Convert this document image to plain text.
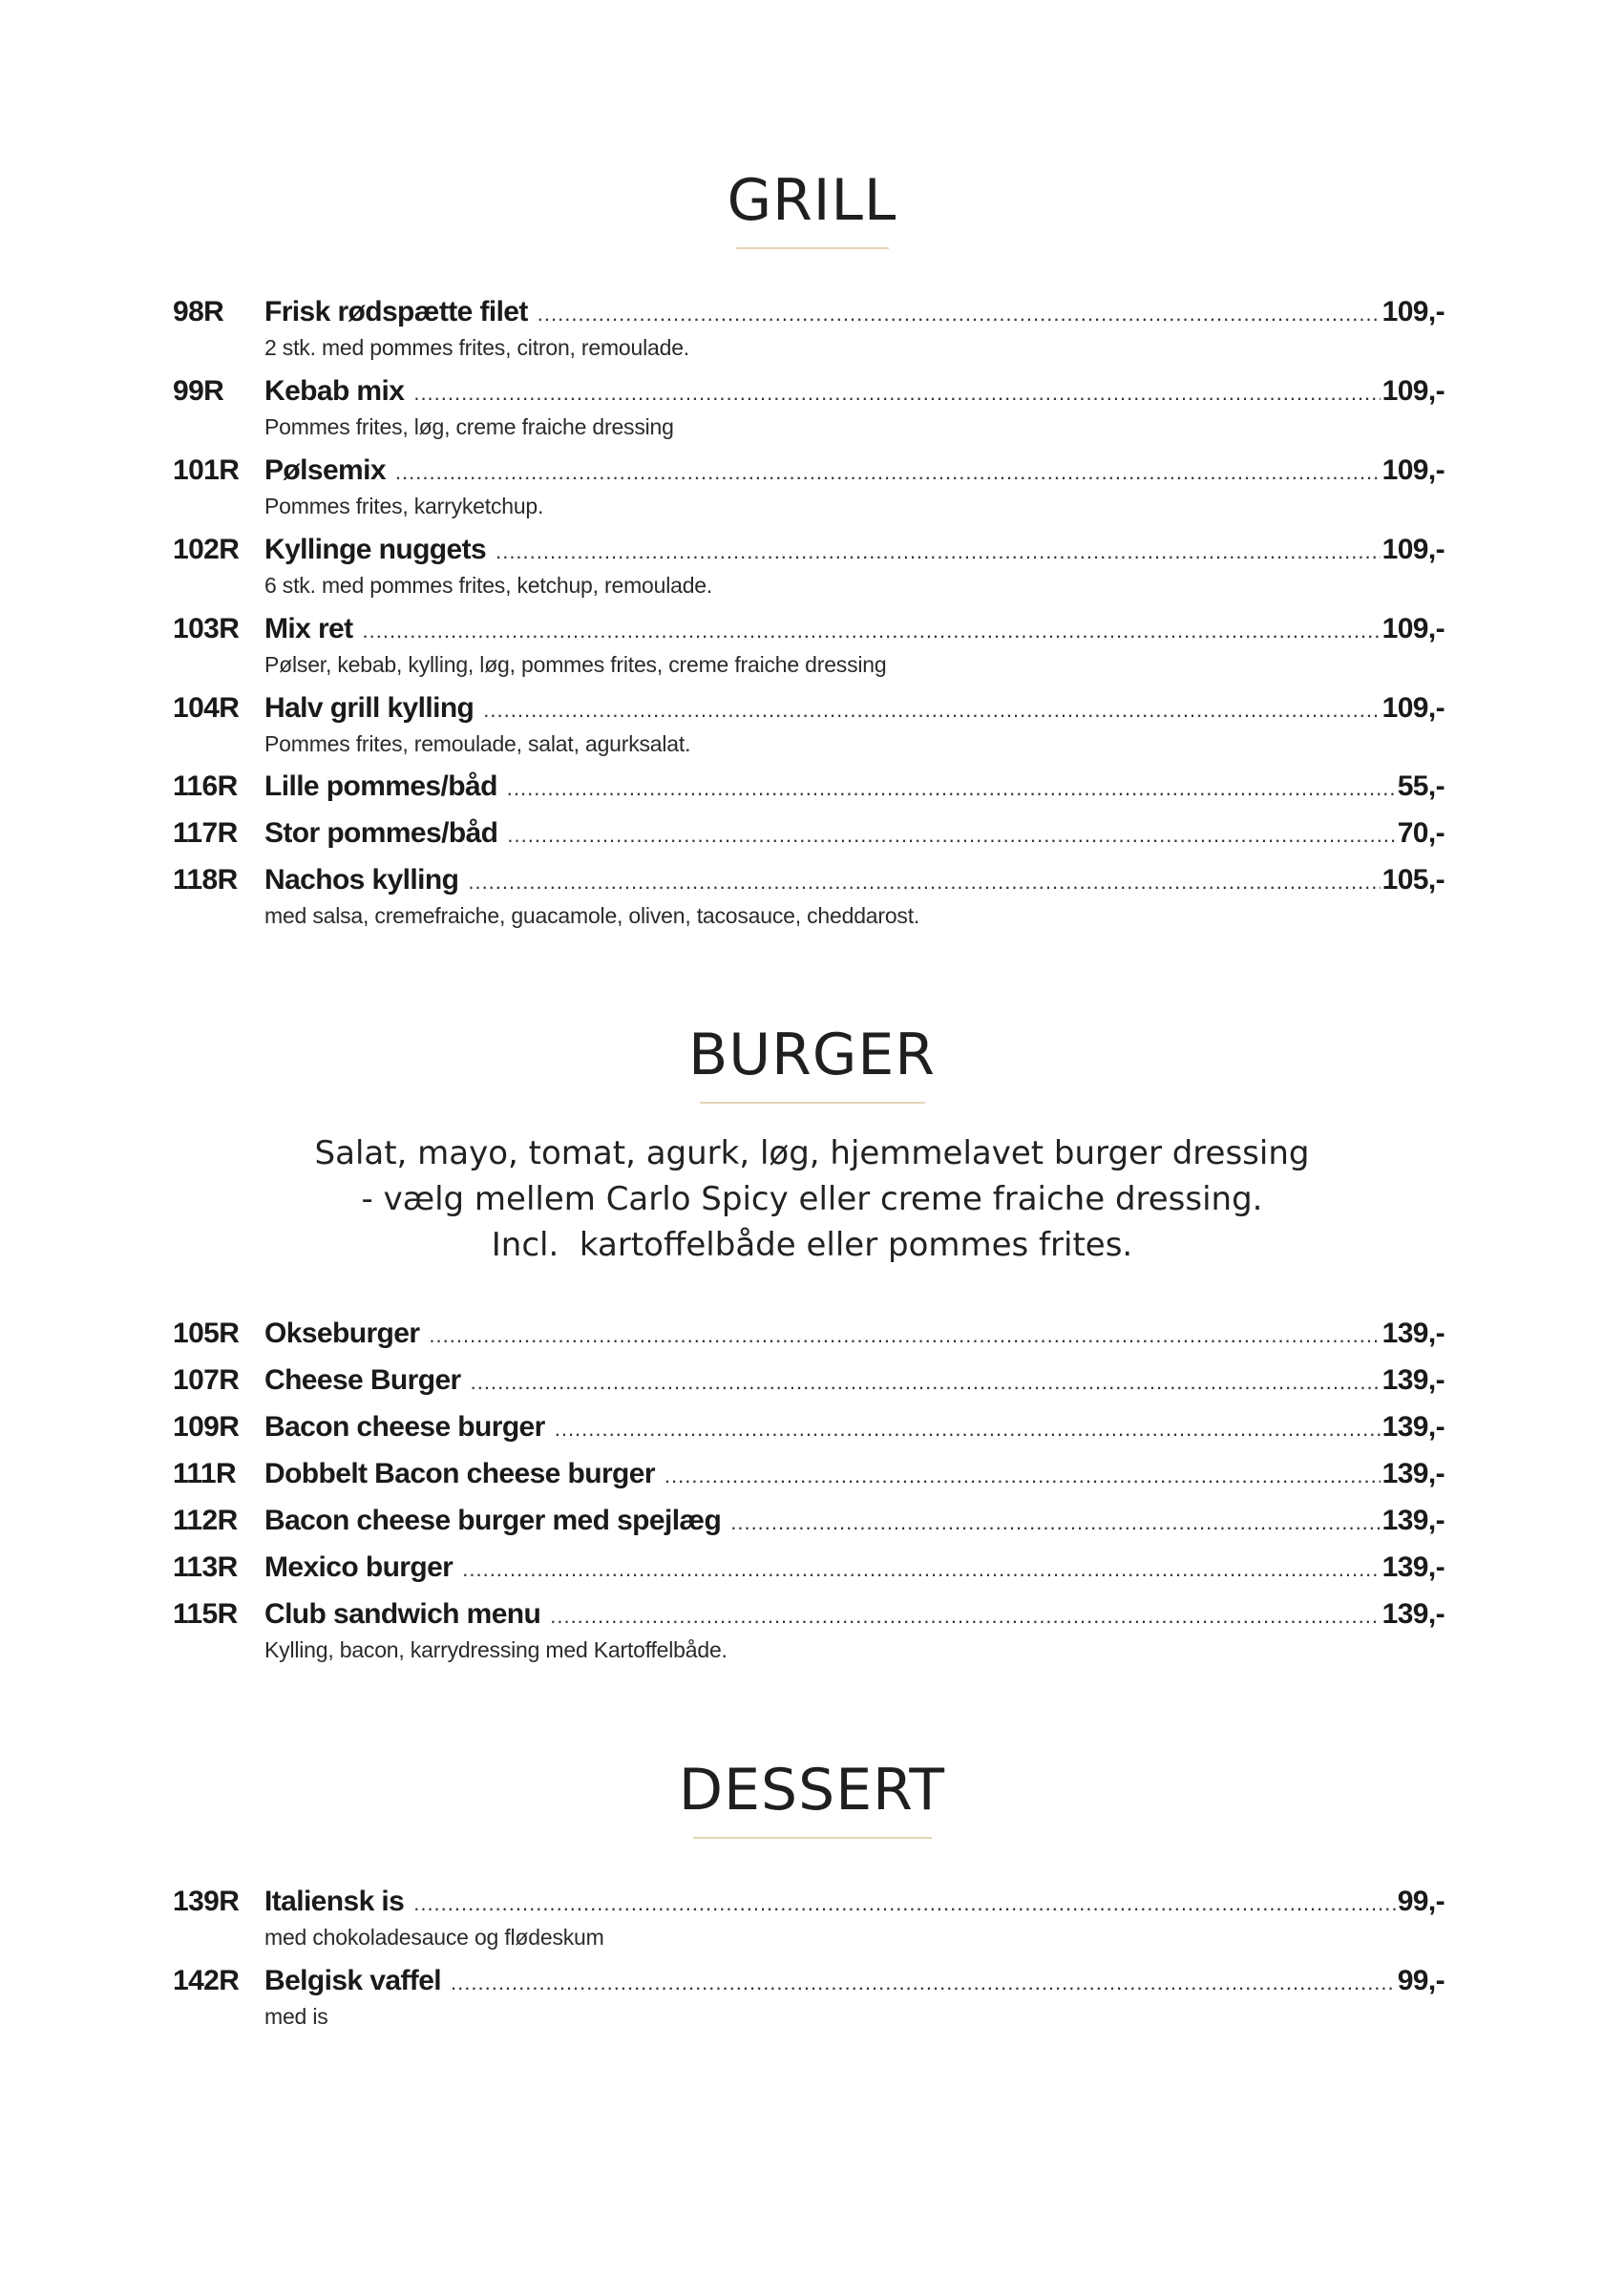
GRILL
98R	Frisk rødspætte filet .....	109,-
2 stk. med pommes frites, citron, remoulade.
99R	Kebab mix .....	109,-
Pommes frites, løg, creme fraiche dressing
101R Pølsemix .....	109,-
Pommes frites, karryketchup.
102R Kyllinge nuggets .....	109,-
6 stk. med pommes frites, ketchup, remoulade.
103R Mix ret .....	109,-
Pølser, kebab, kylling, løg, pommes frites, creme fraiche dressing
104R Halv grill kylling .....	109,-
Pommes frites, remoulade, salat, agurksalat.
116R Lille pommes/båd .....	55,-
117R Stor pommes/båd .....	70,-
118R Nachos kylling .....	105,-
med salsa, cremefraiche, guacamole, oliven, tacosauce, cheddarost.
BURGER
Salat, mayo, tomat, agurk, løg, hjemmelavet burger dressing
- vælg mellem Carlo Spicy eller creme fraiche dressing.
Incl.  kartoffelbåde eller pommes frites.
105R Okseburger .....	139,-
107R Cheese Burger .....	139,-
109R Bacon cheese burger .....	139,-
111R Dobbelt Bacon cheese burger .....	139,-
112R Bacon cheese burger med spejlæg .....	139,-
113R Mexico burger .....	139,-
115R Club sandwich menu .....	139,-
Kylling, bacon, karrydressing med Kartoffelbåde.
DESSERT
139R Italiensk is .....	99,-
med chokoladesauce og flødeskum
142R Belgisk vaffel .....	99,-
med is
